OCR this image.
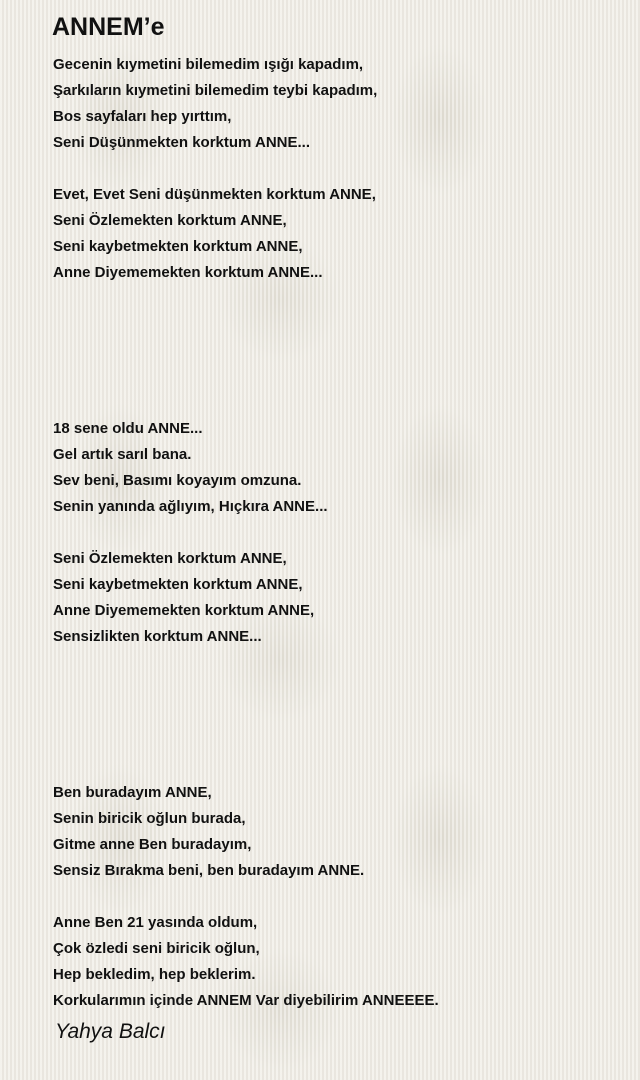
ANNEM’e
Gecenin kıymetini bilemedim ışığı kapadım,
Şarkıların kıymetini bilemedim teybi kapadım,
Bos sayfaları hep yırttım,
Seni Düşünmekten korktum ANNE...
Evet, Evet Seni düşünmekten korktum ANNE,
Seni Özlemekten korktum ANNE,
Seni kaybetmekten korktum ANNE,
Anne Diyememekten korktum ANNE...
18 sene oldu ANNE...
Gel artık sarıl bana.
Sev beni, Basımı koyayım omzuna.
Senin yanında ağlıyım, Hıçkıra ANNE...
Seni Özlemekten korktum ANNE,
Seni kaybetmekten korktum ANNE,
Anne Diyememekten korktum ANNE,
Sensizlikten korktum ANNE...
Ben buradayım ANNE,
Senin biricik oğlun burada,
Gitme anne Ben buradayım,
Sensiz Bırakma beni, ben buradayım ANNE.
Anne Ben 21 yasında oldum,
Çok özledi seni biricik oğlun,
Hep bekledim, hep beklerim.
Korkularımın içinde ANNEM Var diyebilirim ANNEEEE.
Yahya Balcı
